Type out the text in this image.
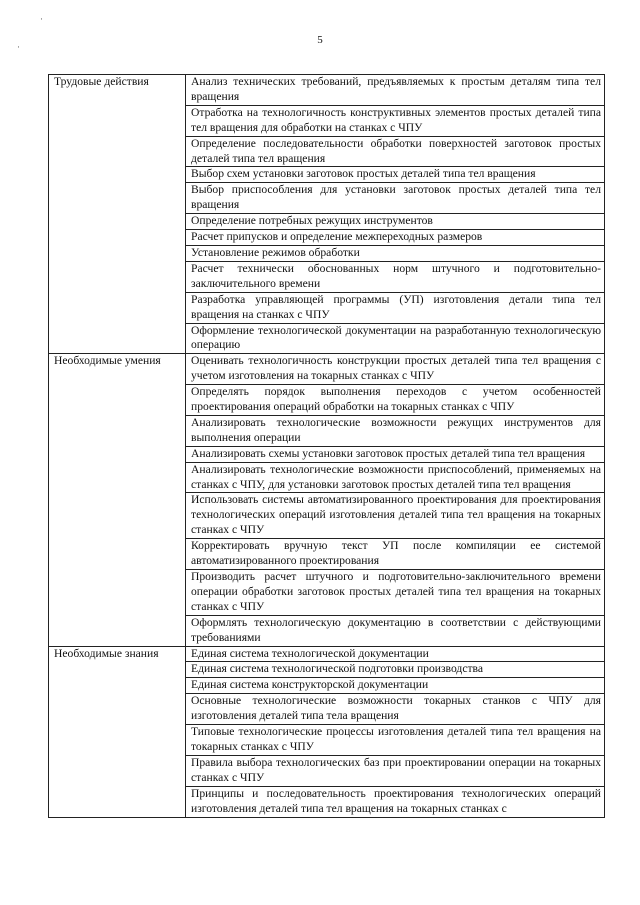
·
·
5
Трудовые действия	Анализ технических требований, предъявляемых к простым деталям типа тел вращения
	Отработка на технологичность конструктивных элементов простых деталей типа тел вращения для обработки на станках с ЧПУ
	Определение последовательности обработки поверхностей заготовок простых деталей типа тел вращения
	Выбор схем установки заготовок простых деталей типа тел вращения
	Выбор приспособления для установки заготовок простых деталей типа тел вращения
	Определение потребных режущих инструментов
	Расчет припусков и определение межпереходных размеров
	Установление режимов обработки
	Расчет технически обоснованных норм штучного и подготовительно-заключительного времени
	Разработка управляющей программы (УП) изготовления детали типа тел вращения на станках с ЧПУ
	Оформление технологической документации на разработанную технологическую операцию
Необходимые умения	Оценивать технологичность конструкции простых деталей типа тел вращения с учетом изготовления на токарных станках с ЧПУ
	Определять порядок выполнения переходов с учетом особенностей проектирования операций обработки на токарных станках с ЧПУ
	Анализировать технологические возможности режущих инструментов для выполнения операции
	Анализировать схемы установки заготовок простых деталей типа тел вращения
	Анализировать технологические возможности приспособлений, применяемых на станках с ЧПУ, для установки заготовок простых деталей типа тел вращения
	Использовать системы автоматизированного проектирования для проектирования технологических операций изготовления деталей типа тел вращения на токарных станках с ЧПУ
	Корректировать вручную текст УП после компиляции ее системой автоматизированного проектирования
	Производить расчет штучного и подготовительно-заключительного времени операции обработки заготовок простых деталей типа тел вращения на токарных станках с ЧПУ
	Оформлять технологическую документацию в соответствии с действующими требованиями
Необходимые знания	Единая система технологической документации
	Единая система технологической подготовки производства
	Единая система конструкторской документации
	Основные технологические возможности токарных станков с ЧПУ для изготовления деталей типа тела вращения
	Типовые технологические процессы изготовления деталей типа тел вращения на токарных станках с ЧПУ
	Правила выбора технологических баз при проектировании операции на токарных станках с ЧПУ
	Принципы и последовательность проектирования технологических операций изготовления деталей типа тел вращения на токарных станках с
